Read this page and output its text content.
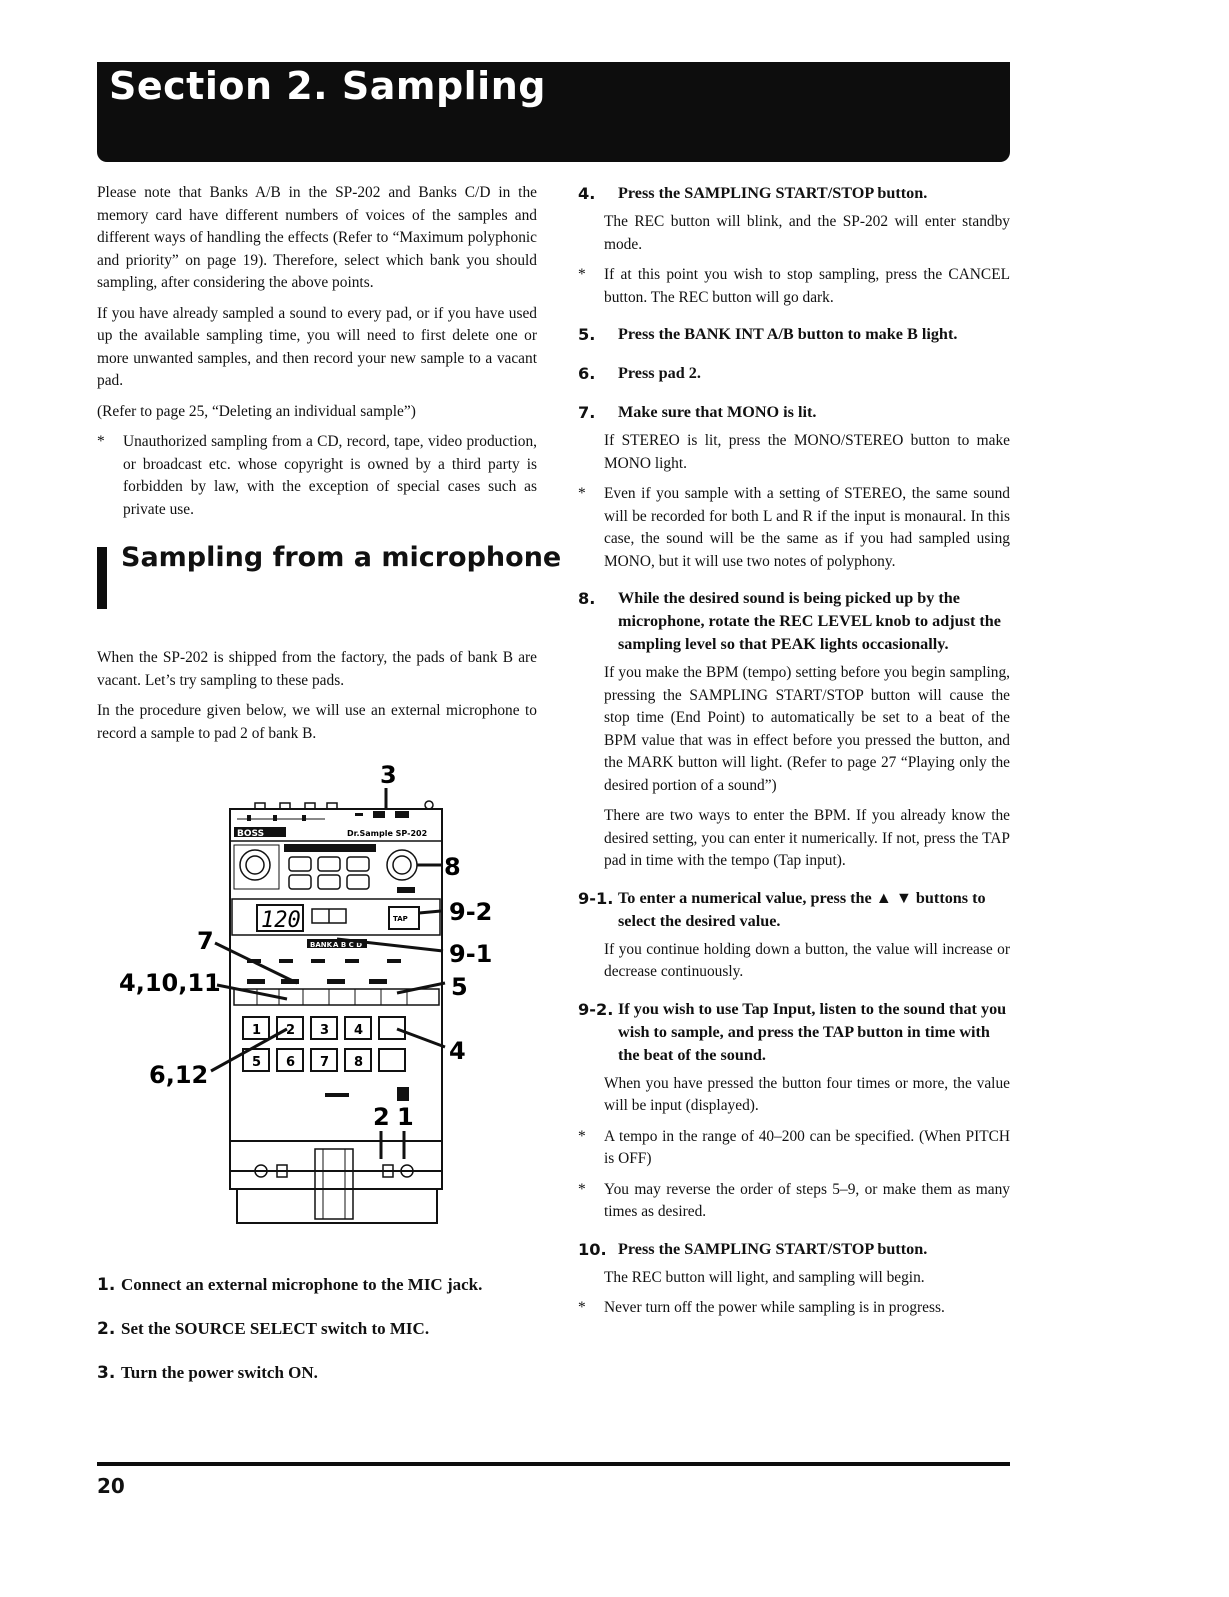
Section 2. Sampling

Please note that Banks A/B in the SP-202 and Banks C/D in the memory card have different numbers of voices of the samples and different ways of handling the effects (Refer to “Maximum polyphonic and priority” on page 19). Therefore, select which bank you should sampling, after considering the above points.

If you have already sampled a sound to every pad, or if you have used up the available sampling time, you will need to first delete one or more unwanted samples, and then record your new sample to a vacant pad.

(Refer to page 25, “Deleting an individual sample”)

* Unauthorized sampling from a CD, record, tape, video production, or broadcast etc. whose copyright is owned by a third party is forbidden by law, with the exception of special cases such as private use.
Sampling from a microphone

When the SP-202 is shipped from the factory, the pads of bank B are vacant. Let’s try sampling to these pads.

In the procedure given below, we will use an external microphone to record a sample to pad 2 of bank B.

3
BOSS	Dr.Sample SP-202
8
120	TAP 9-2
BANK A B C D	9-1
7
4,10,11	5
1 2 3 4
4
5 6 7 8
6,12
2 1
1. Connect an external microphone to the MIC jack.
2. Set the SOURCE SELECT switch to MIC.
3. Turn the power switch ON.
4. Press the SAMPLING START/STOP button.
The REC button will blink, and the SP-202 will enter standby mode.
* If at this point you wish to stop sampling, press the CANCEL button. The REC button will go dark.
5. Press the BANK INT A/B button to make B light.
6. Press pad 2.
7. Make sure that MONO is lit.
If STEREO is lit, press the MONO/STEREO button to make MONO light.
* Even if you sample with a setting of STEREO, the same sound will be recorded for both L and R if the input is monaural. In this case, the sound will be the same as if you had sampled using MONO, but it will use two notes of polyphony.
8. While the desired sound is being picked up by the microphone, rotate the REC LEVEL knob to adjust the sampling level so that PEAK lights occasionally.
If you make the BPM (tempo) setting before you begin sampling, pressing the SAMPLING START/STOP button will cause the stop time (End Point) to automatically be set to a beat of the BPM value that was in effect before you pressed the button, and the MARK button will light. (Refer to page 27 “Playing only the desired portion of a sound”)
There are two ways to enter the BPM. If you already know the desired setting, you can enter it numerically. If not, press the TAP pad in time with the tempo (Tap input).
9-1. To enter a numerical value, press the ▲ ▼ buttons to select the desired value.
If you continue holding down a button, the value will increase or decrease continuously.
9-2. If you wish to use Tap Input, listen to the sound that you wish to sample, and press the TAP button in time with the beat of the sound.
When you have pressed the button four times or more, the value will be input (displayed).
* A tempo in the range of 40–200 can be specified. (When PITCH is OFF)
* You may reverse the order of steps 5–9, or make them as many times as desired.
10. Press the SAMPLING START/STOP button.
The REC button will light, and sampling will begin.
* Never turn off the power while sampling is in progress.
20
